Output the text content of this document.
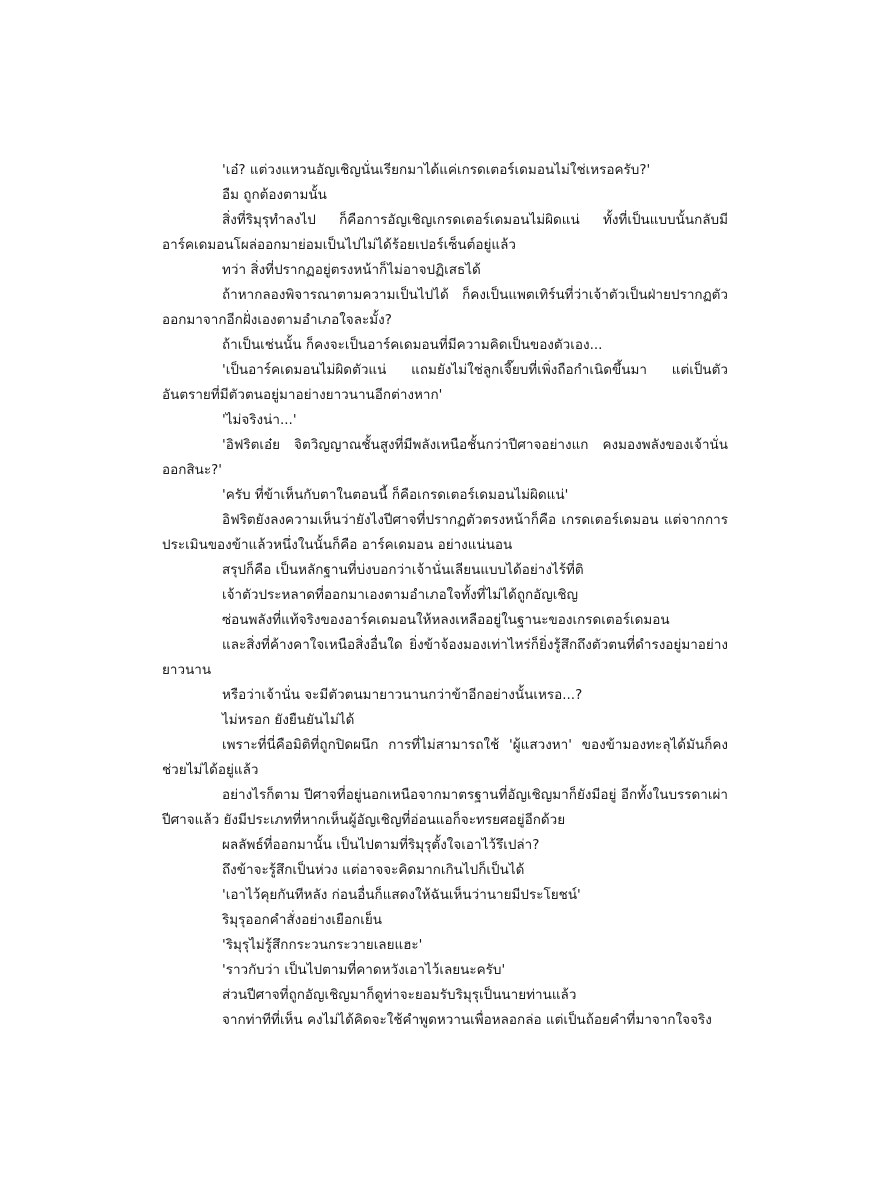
'เอ๋? แต่วงแหวนอัญเชิญนั่นเรียกมาได้แค่เกรดเตอร์เดมอนไม่ใช่เหรอครับ?'

อืม ถูกต้องตามนั้น

สิ่งที่ริมุรุทำลงไป ก็คือการอัญเชิญเกรดเตอร์เดมอนไม่ผิดแน่ ทั้งที่เป็นแบบนั้นกลับมีอาร์คเดมอนโผล่ออกมาย่อมเป็นไปไม่ได้ร้อยเปอร์เซ็นต์อยู่แล้ว

ทว่า สิ่งที่ปรากฏอยู่ตรงหน้าก็ไม่อาจปฏิเสธได้

ถ้าหากลองพิจารณาตามความเป็นไปได้ ก็คงเป็นแพตเทิร์นที่ว่าเจ้าตัวเป็นฝ่ายปรากฏตัวออกมาจากอีกฝั่งเองตามอำเภอใจละมั้ง?

ถ้าเป็นเช่นนั้น ก็คงจะเป็นอาร์คเดมอนที่มีความคิดเป็นของตัวเอง...

'เป็นอาร์คเดมอนไม่ผิดตัวแน่ แถมยังไม่ใช่ลูกเจี๊ยบที่เพิ่งถือกำเนิดขึ้นมา แต่เป็นตัวอันตรายที่มีตัวตนอยู่มาอย่างยาวนานอีกต่างหาก'

'ไม่จริงน่า...'

'อิฟริตเอ๋ย จิตวิญญาณชั้นสูงที่มีพลังเหนือชั้นกว่าปีศาจอย่างแก คงมองพลังของเจ้านั่นออกสินะ?'

'ครับ ที่ข้าเห็นกับตาในตอนนี้ ก็คือเกรดเตอร์เดมอนไม่ผิดแน่'

อิฟริตยังลงความเห็นว่ายังไงปีศาจที่ปรากฏตัวตรงหน้าก็คือ เกรดเตอร์เดมอน แต่จากการประเมินของข้าแล้วหนึ่งในนั้นก็คือ อาร์คเดมอน อย่างแน่นอน

สรุปก็คือ เป็นหลักฐานที่บ่งบอกว่าเจ้านั่นเลียนแบบได้อย่างไร้ที่ติ

เจ้าตัวประหลาดที่ออกมาเองตามอำเภอใจทั้งที่ไม่ได้ถูกอัญเชิญ

ซ่อนพลังที่แท้จริงของอาร์คเดมอนให้หลงเหลืออยู่ในฐานะของเกรดเตอร์เดมอน

และสิ่งที่ค้างคาใจเหนือสิ่งอื่นใด ยิ่งข้าจ้องมองเท่าไหร่ก็ยิ่งรู้สึกถึงตัวตนที่ดำรงอยู่มาอย่างยาวนาน

หรือว่าเจ้านั่น จะมีตัวตนมายาวนานกว่าข้าอีกอย่างนั้นเหรอ...?

ไม่หรอก ยังยืนยันไม่ได้

เพราะที่นี่คือมิติที่ถูกปิดผนึก การที่ไม่สามารถใช้ 'ผู้แสวงหา' ของข้ามองทะลุได้มันก็คงช่วยไม่ได้อยู่แล้ว

อย่างไรก็ตาม ปีศาจที่อยู่นอกเหนือจากมาตรฐานที่อัญเชิญมาก็ยังมีอยู่ อีกทั้งในบรรดาเผ่าปีศาจแล้ว ยังมีประเภทที่หากเห็นผู้อัญเชิญที่อ่อนแอก็จะทรยศอยู่อีกด้วย

ผลลัพธ์ที่ออกมานั้น เป็นไปตามที่ริมุรุตั้งใจเอาไว้รึเปล่า?

ถึงข้าจะรู้สึกเป็นห่วง แต่อาจจะคิดมากเกินไปก็เป็นได้

'เอาไว้คุยกันทีหลัง ก่อนอื่นก็แสดงให้ฉันเห็นว่านายมีประโยชน์'

ริมุรุออกคำสั่งอย่างเยือกเย็น

'ริมุรุไม่รู้สึกกระวนกระวายเลยแฮะ'

'ราวกับว่า เป็นไปตามที่คาดหวังเอาไว้เลยนะครับ'

ส่วนปีศาจที่ถูกอัญเชิญมาก็ดูท่าจะยอมรับริมุรุเป็นนายท่านแล้ว

จากท่าทีที่เห็น คงไม่ได้คิดจะใช้คำพูดหวานเพื่อหลอกล่อ แต่เป็นถ้อยคำที่มาจากใจจริง
